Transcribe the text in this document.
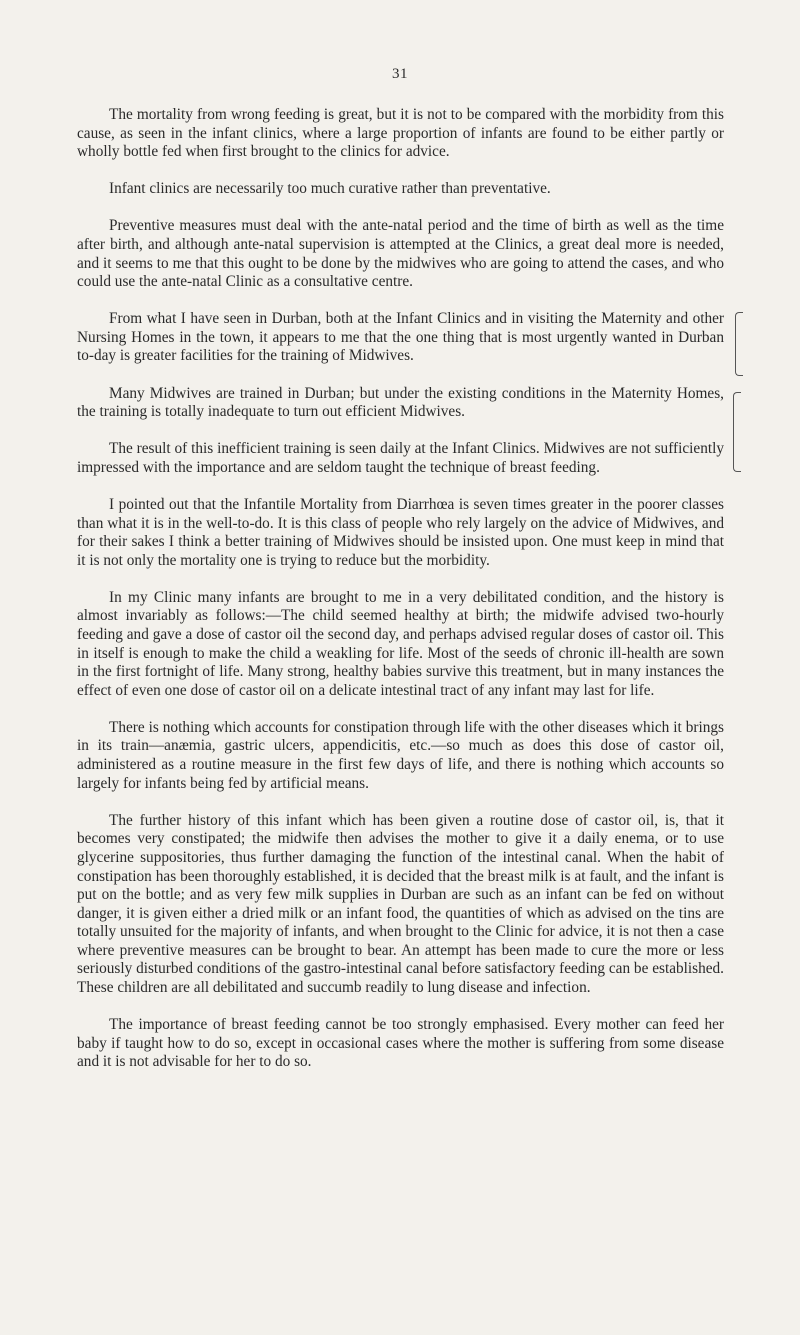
31

The mortality from wrong feeding is great, but it is not to be compared with the morbidity from this cause, as seen in the infant clinics, where a large proportion of infants are found to be either partly or wholly bottle fed when first brought to the clinics for advice.

Infant clinics are necessarily too much curative rather than preventative.

Preventive measures must deal with the ante-natal period and the time of birth as well as the time after birth, and although ante-natal supervision is attempted at the Clinics, a great deal more is needed, and it seems to me that this ought to be done by the midwives who are going to attend the cases, and who could use the ante-natal Clinic as a consultative centre.

From what I have seen in Durban, both at the Infant Clinics and in visiting the Maternity and other Nursing Homes in the town, it appears to me that the one thing that is most urgently wanted in Durban to-day is greater facilities for the training of Midwives.

Many Midwives are trained in Durban; but under the existing conditions in the Maternity Homes, the training is totally inadequate to turn out efficient Midwives.

The result of this inefficient training is seen daily at the Infant Clinics. Midwives are not sufficiently impressed with the importance and are seldom taught the technique of breast feeding.

I pointed out that the Infantile Mortality from Diarrhœa is seven times greater in the poorer classes than what it is in the well-to-do. It is this class of people who rely largely on the advice of Midwives, and for their sakes I think a better training of Midwives should be insisted upon. One must keep in mind that it is not only the mortality one is trying to reduce but the morbidity.

In my Clinic many infants are brought to me in a very debilitated condition, and the history is almost invariably as follows:—The child seemed healthy at birth; the midwife advised two-hourly feeding and gave a dose of castor oil the second day, and perhaps advised regular doses of castor oil. This in itself is enough to make the child a weakling for life. Most of the seeds of chronic ill-health are sown in the first fortnight of life. Many strong, healthy babies survive this treatment, but in many instances the effect of even one dose of castor oil on a delicate intestinal tract of any infant may last for life.

There is nothing which accounts for constipation through life with the other diseases which it brings in its train—anæmia, gastric ulcers, appendicitis, etc.—so much as does this dose of castor oil, administered as a routine measure in the first few days of life, and there is nothing which accounts so largely for infants being fed by artificial means.

The further history of this infant which has been given a routine dose of castor oil, is, that it becomes very constipated; the midwife then advises the mother to give it a daily enema, or to use glycerine suppositories, thus further damaging the function of the intestinal canal. When the habit of constipation has been thoroughly established, it is decided that the breast milk is at fault, and the infant is put on the bottle; and as very few milk supplies in Durban are such as an infant can be fed on without danger, it is given either a dried milk or an infant food, the quantities of which as advised on the tins are totally unsuited for the majority of infants, and when brought to the Clinic for advice, it is not then a case where preventive measures can be brought to bear. An attempt has been made to cure the more or less seriously disturbed conditions of the gastro-intestinal canal before satisfactory feeding can be established. These children are all debilitated and succumb readily to lung disease and infection.

The importance of breast feeding cannot be too strongly emphasised. Every mother can feed her baby if taught how to do so, except in occasional cases where the mother is suffering from some disease and it is not advisable for her to do so.
